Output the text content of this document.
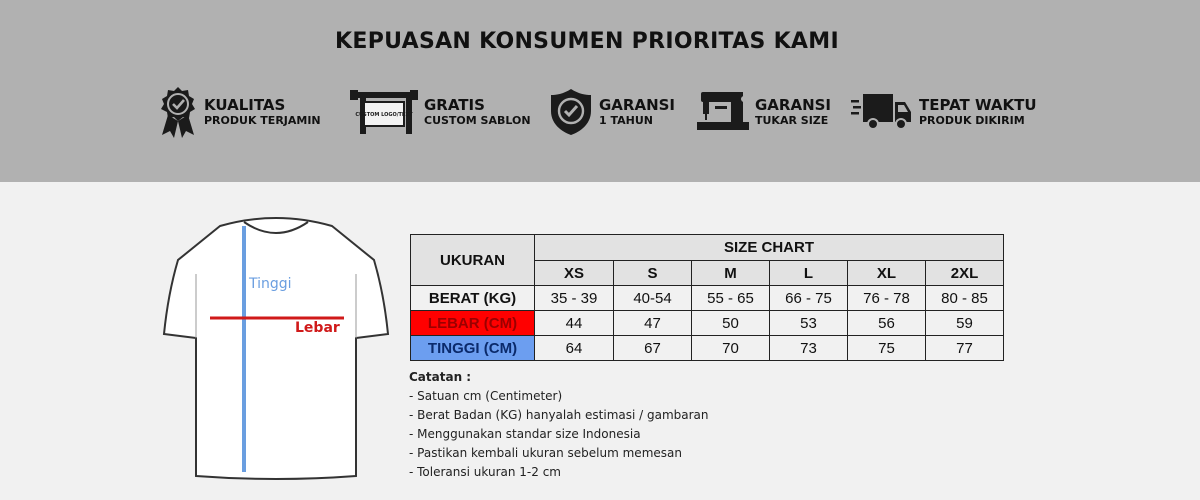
KEPUASAN KONSUMEN PRIORITAS KAMI
KUALITAS
PRODUK TERJAMIN	CUSTOM LOGO/TEXT
GRATIS
CUSTOM SABLON
GARANSI
1 TAHUN
GARANSI
TUKAR SIZE
TEPAT WAKTU
PRODUK DIKIRIM
Tinggi
Lebar
UKURAN	SIZE CHART					
	XS	S	M	L	XL	2XL
BERAT (KG)	35 - 39	40-54	55 - 65	66 - 75	76 - 78	80 - 85
LEBAR (CM)	44	47	50	53	56	59
TINGGI (CM)	64	67	70	73	75	77
Catatan :
- Satuan cm (Centimeter)
- Berat Badan (KG) hanyalah estimasi / gambaran
- Menggunakan standar size Indonesia
- Pastikan kembali ukuran sebelum memesan
- Toleransi ukuran 1-2 cm
